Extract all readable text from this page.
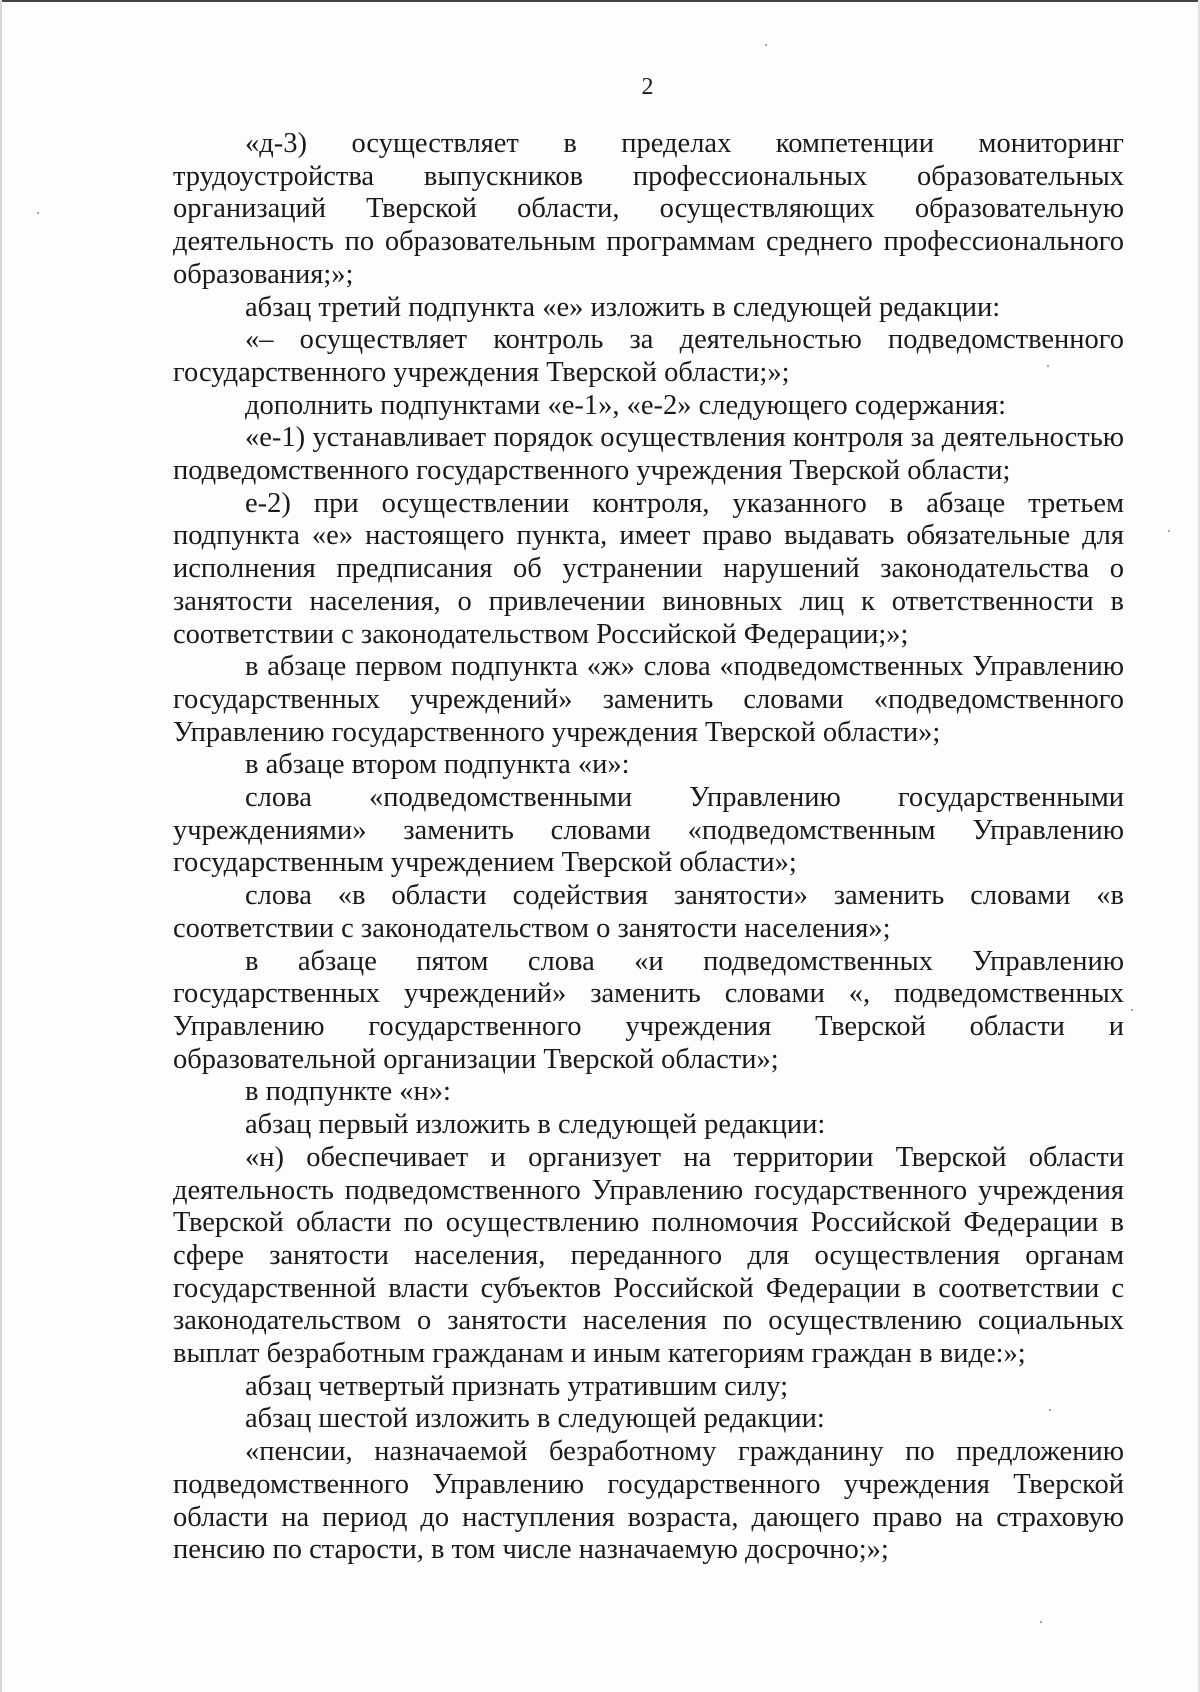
2

«д-3) осуществляет в пределах компетенции мониторинг трудоустройства выпускников профессиональных образовательных организаций Тверской области, осуществляющих образовательную деятельность по образовательным программам среднего профессионального образования;»;

абзац третий подпункта «е» изложить в следующей редакции:

«– осуществляет контроль за деятельностью подведомственного государственного учреждения Тверской области;»;

дополнить подпунктами «е-1», «е-2» следующего содержания:

«е-1) устанавливает порядок осуществления контроля за деятельностью подведомственного государственного учреждения Тверской области;

е-2) при осуществлении контроля, указанного в абзаце третьем подпункта «е» настоящего пункта, имеет право выдавать обязательные для исполнения предписания об устранении нарушений законодательства о занятости населения, о привлечении виновных лиц к ответственности в соответствии с законодательством Российской Федерации;»;

в абзаце первом подпункта «ж» слова «подведомственных Управлению государственных учреждений» заменить словами «подведомственного Управлению государственного учреждения Тверской области»;

в абзаце втором подпункта «и»:

слова «подведомственными Управлению государственными учреждениями» заменить словами «подведомственным Управлению государственным учреждением Тверской области»;

слова «в области содействия занятости» заменить словами «в соответствии с законодательством о занятости населения»;

в абзаце пятом слова «и подведомственных Управлению государственных учреждений» заменить словами «, подведомственных Управлению государственного учреждения Тверской области и образовательной организации Тверской области»;

в подпункте «н»:

абзац первый изложить в следующей редакции:

«н) обеспечивает и организует на территории Тверской области деятельность подведомственного Управлению государственного учреждения Тверской области по осуществлению полномочия Российской Федерации в сфере занятости населения, переданного для осуществления органам государственной власти субъектов Российской Федерации в соответствии с законодательством о занятости населения по осуществлению социальных выплат безработным гражданам и иным категориям граждан в виде:»;

абзац четвертый признать утратившим силу;

абзац шестой изложить в следующей редакции:

«пенсии, назначаемой безработному гражданину по предложению подведомственного Управлению государственного учреждения Тверской области на период до наступления возраста, дающего право на страховую пенсию по старости, в том числе назначаемую досрочно;»;
